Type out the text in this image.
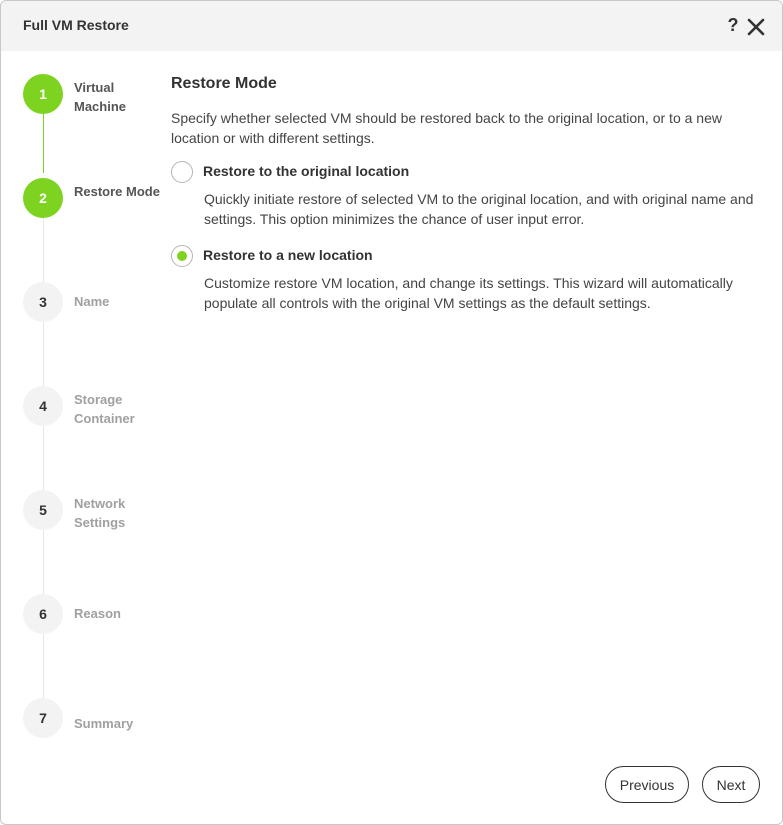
Full VM Restore	?
1	Virtual Machine
2	Restore Mode
3	Name
4	Storage Container
5	Network Settings
6	Reason
7	Summary
Restore Mode
Specify whether selected VM should be restored back to the original location, or to a new location or with different settings.
Restore to the original location
Quickly initiate restore of selected VM to the original location, and with original name and settings. This option minimizes the chance of user input error.
Restore to a new location
Customize restore VM location, and change its settings. This wizard will automatically populate all controls with the original VM settings as the default settings.
Previous	Next
